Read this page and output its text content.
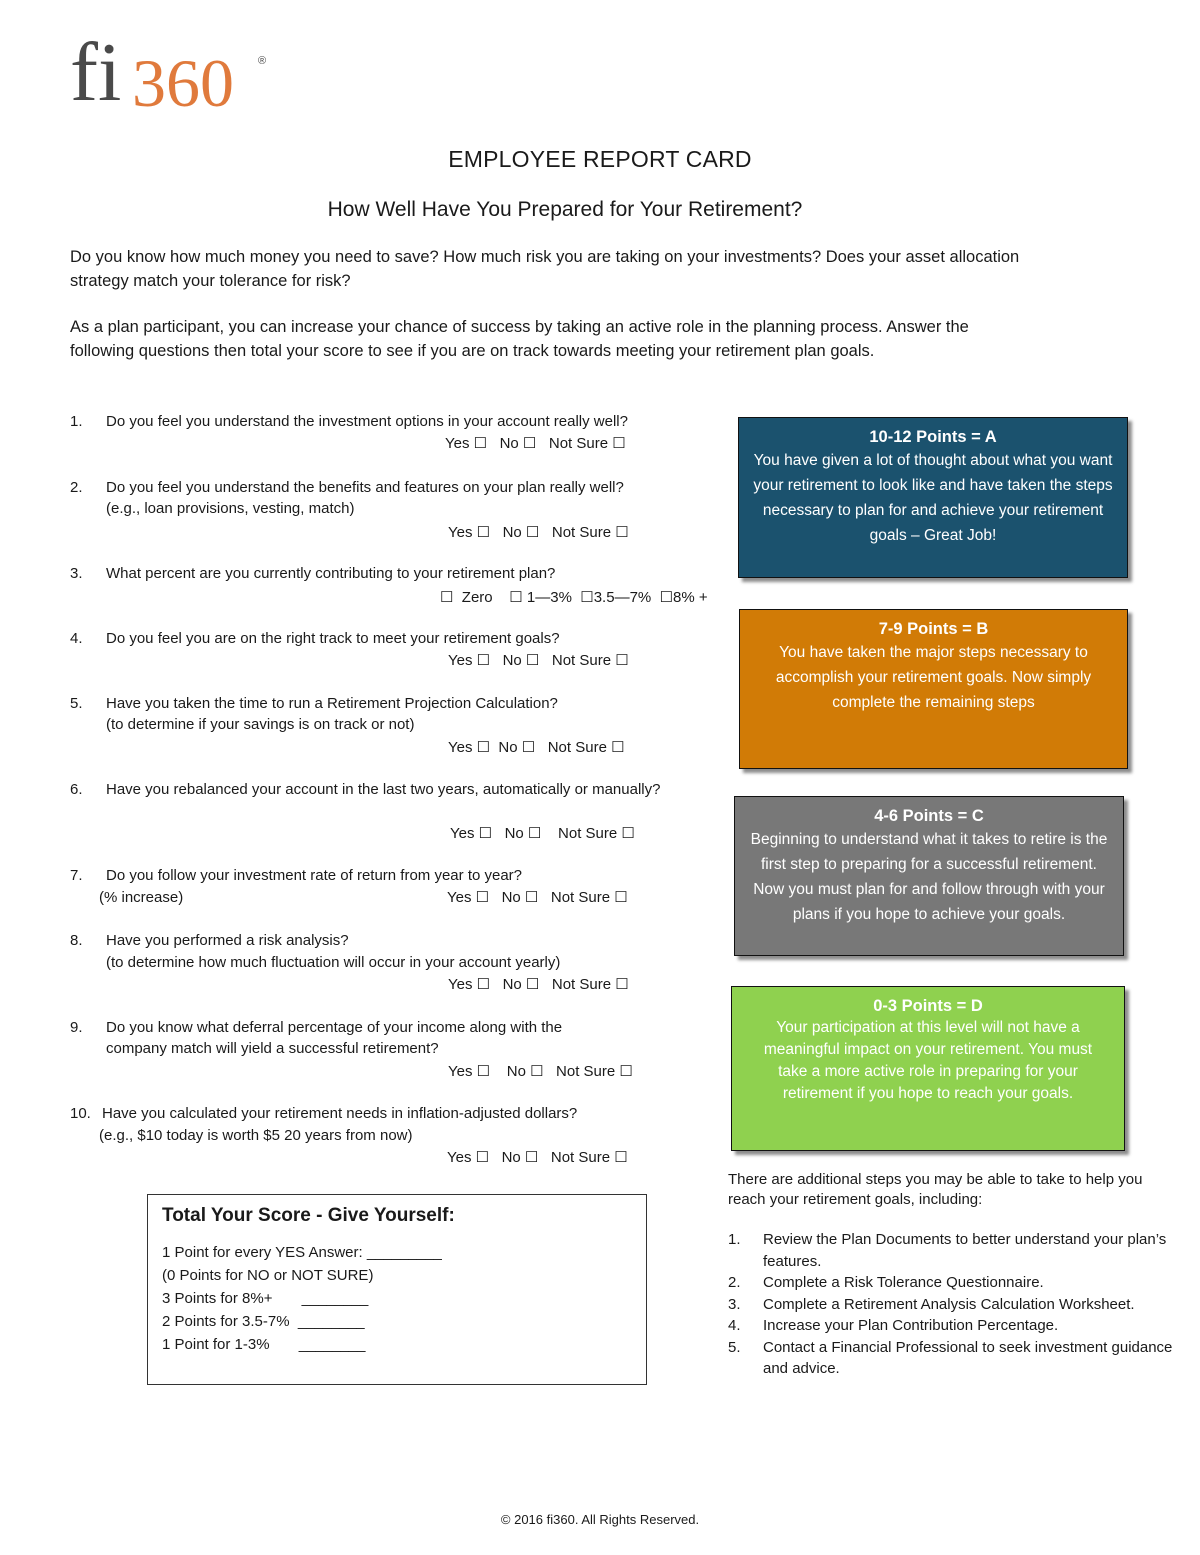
fi 360 ®
EMPLOYEE REPORT CARD
How Well Have You Prepared for Your Retirement?
Do you know how much money you need to save? How much risk you are taking on your investments? Does your asset allocation strategy match your tolerance for risk?
As a plan participant, you can increase your chance of success by taking an active role in the planning process. Answer the following questions then total your score to see if you are on track towards meeting your retirement plan goals.
1. Do you feel you understand the investment options in your account really well?
Yes ☐   No ☐   Not Sure ☐
2. Do you feel you understand the benefits and features on your plan really well?
(e.g., loan provisions, vesting, match)
Yes ☐   No ☐   Not Sure ☐
3. What percent are you currently contributing to your retirement plan?
☐  Zero    ☐ 1—3%  ☐3.5—7%  ☐8% +
4. Do you feel you are on the right track to meet your retirement goals?
Yes ☐   No ☐   Not Sure ☐
5. Have you taken the time to run a Retirement Projection Calculation?
(to determine if your savings is on track or not)
Yes ☐  No ☐   Not Sure ☐
6. Have you rebalanced your account in the last two years, automatically or manually?
Yes ☐   No ☐    Not Sure ☐
7. Do you follow your investment rate of return from year to year?
(% increase)	Yes ☐   No ☐   Not Sure ☐
8. Have you performed a risk analysis?
(to determine how much fluctuation will occur in your account yearly)
Yes ☐   No ☐   Not Sure ☐
9. Do you know what deferral percentage of your income along with the
company match will yield a successful retirement?
Yes ☐    No ☐   Not Sure ☐
10. Have you calculated your retirement needs in inflation-adjusted dollars?
(e.g., $10 today is worth $5 20 years from now)
Yes ☐   No ☐   Not Sure ☐
10-12 Points = A
You have given a lot of thought about what you want your retirement to look like and have taken the steps necessary to plan for and achieve your retirement goals – Great Job!
7-9 Points = B
You have taken the major steps necessary to accomplish your retirement goals. Now simply complete the remaining steps
4-6 Points = C
Beginning to understand what it takes to retire is the first step to preparing for a successful retirement. Now you must plan for and follow through with your plans if you hope to achieve your goals.
0-3 Points = D
Your participation at this level will not have a meaningful impact on your retirement. You must take a more active role in preparing for your retirement if you hope to reach your goals.
Total Your Score - Give Yourself:
1 Point for every YES Answer: _________
(0 Points for NO or NOT SURE)
3 Points for 8%+       ________
2 Points for 3.5-7%  ________
1 Point for 1-3%       ________
There are additional steps you may be able to take to help you reach your retirement goals, including:
1. Review the Plan Documents to better understand your plan’s features.
2. Complete a Risk Tolerance Questionnaire.
3. Complete a Retirement Analysis Calculation Worksheet.
4. Increase your Plan Contribution Percentage.
5. Contact a Financial Professional to seek investment guidance and advice.
© 2016 fi360. All Rights Reserved.
